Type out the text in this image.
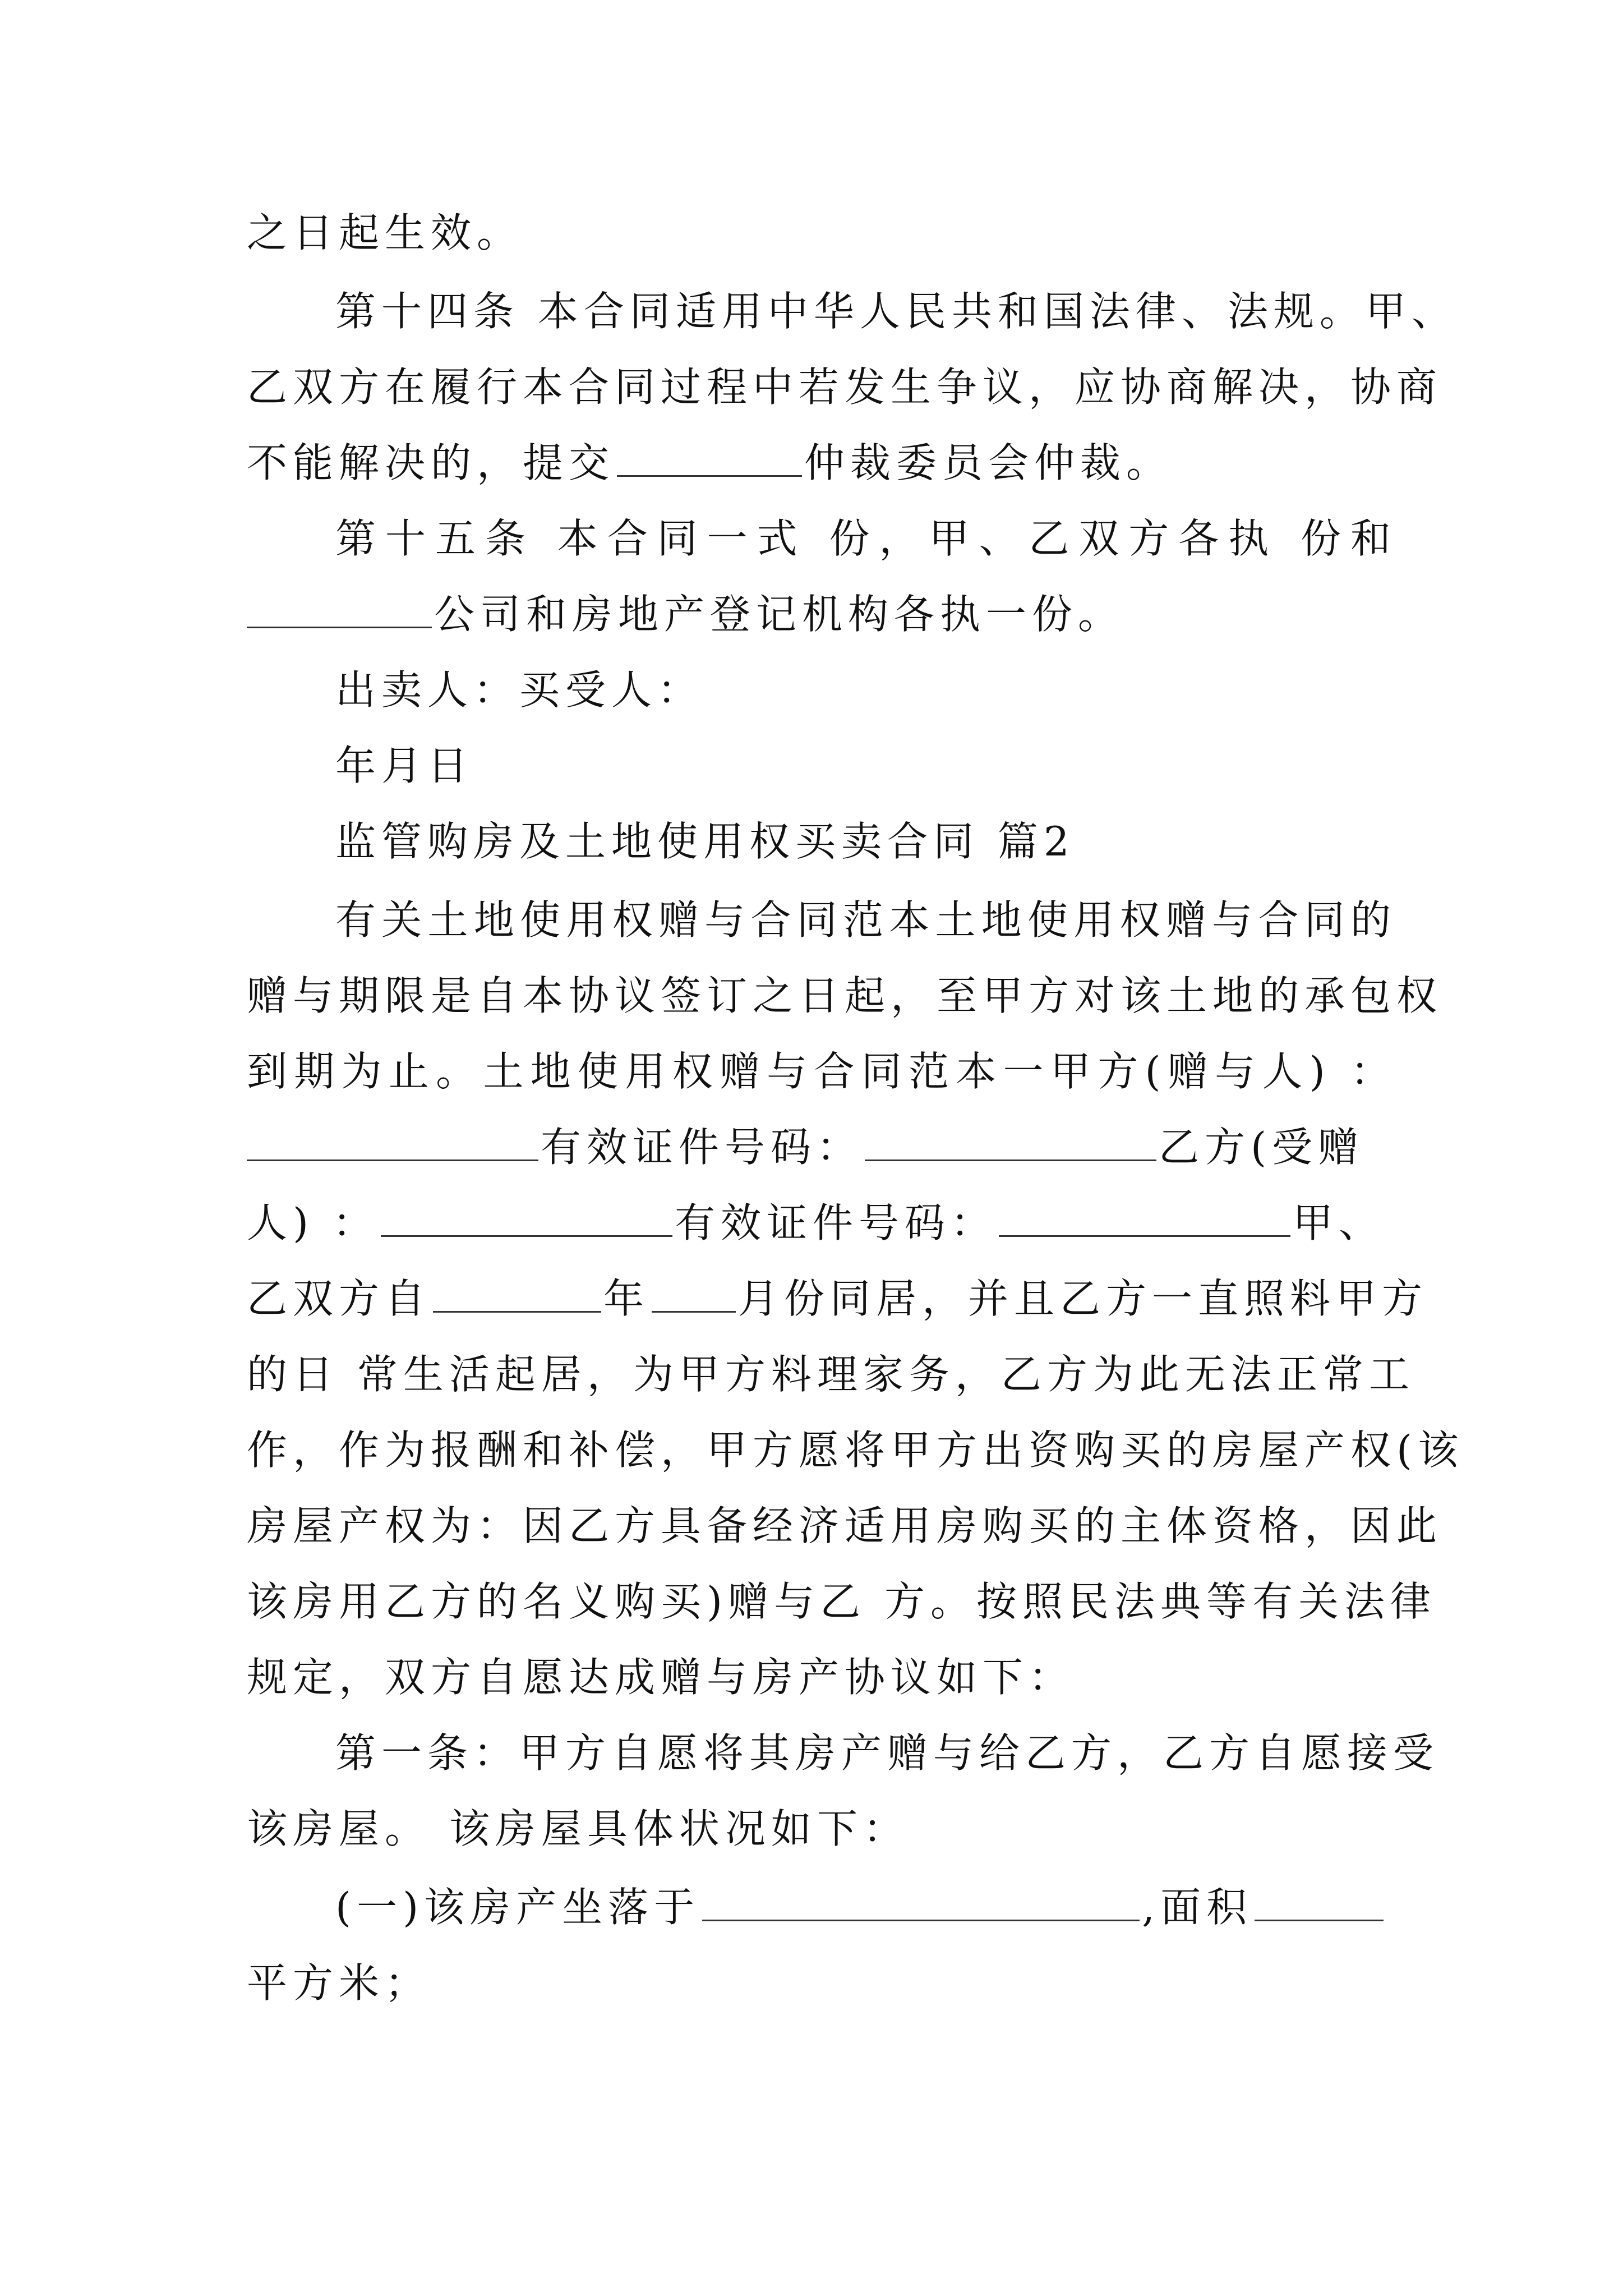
之日起生效。
第十四条 本合同适用中华人民共和国法律、法规。甲、
乙双方在履行本合同过程中若发生争议，应协商解决，协商
不能解决的，提交	仲裁委员会仲裁。
第十五条 本合同一式 份，甲、乙双方各执 份和
公司和房地产登记机构各执一份。
出卖人：买受人：
年月日
监管购房及土地使用权买卖合同 篇2
有关土地使用权赠与合同范本土地使用权赠与合同的
赠与期限是自本协议签订之日起，至甲方对该土地的承包权
到期为止。土地使用权赠与合同范本一甲方(赠与人) ：
有效证件号码：	乙方(受赠
人) ：	有效证件号码：	甲、
乙双方自	年 月份同居，并且乙方一直照料甲方
的日 常生活起居，为甲方料理家务，乙方为此无法正常工
作，作为报酬和补偿，甲方愿将甲方出资购买的房屋产权(该
房屋产权为：因乙方具备经济适用房购买的主体资格，因此
该房用乙方的名义购买)赠与乙 方。按照民法典等有关法律
规定，双方自愿达成赠与房产协议如下：
第一条：甲方自愿将其房产赠与给乙方，乙方自愿接受
该房屋。 该房屋具体状况如下：
(一)该房产坐落于	,面积
平方米；
